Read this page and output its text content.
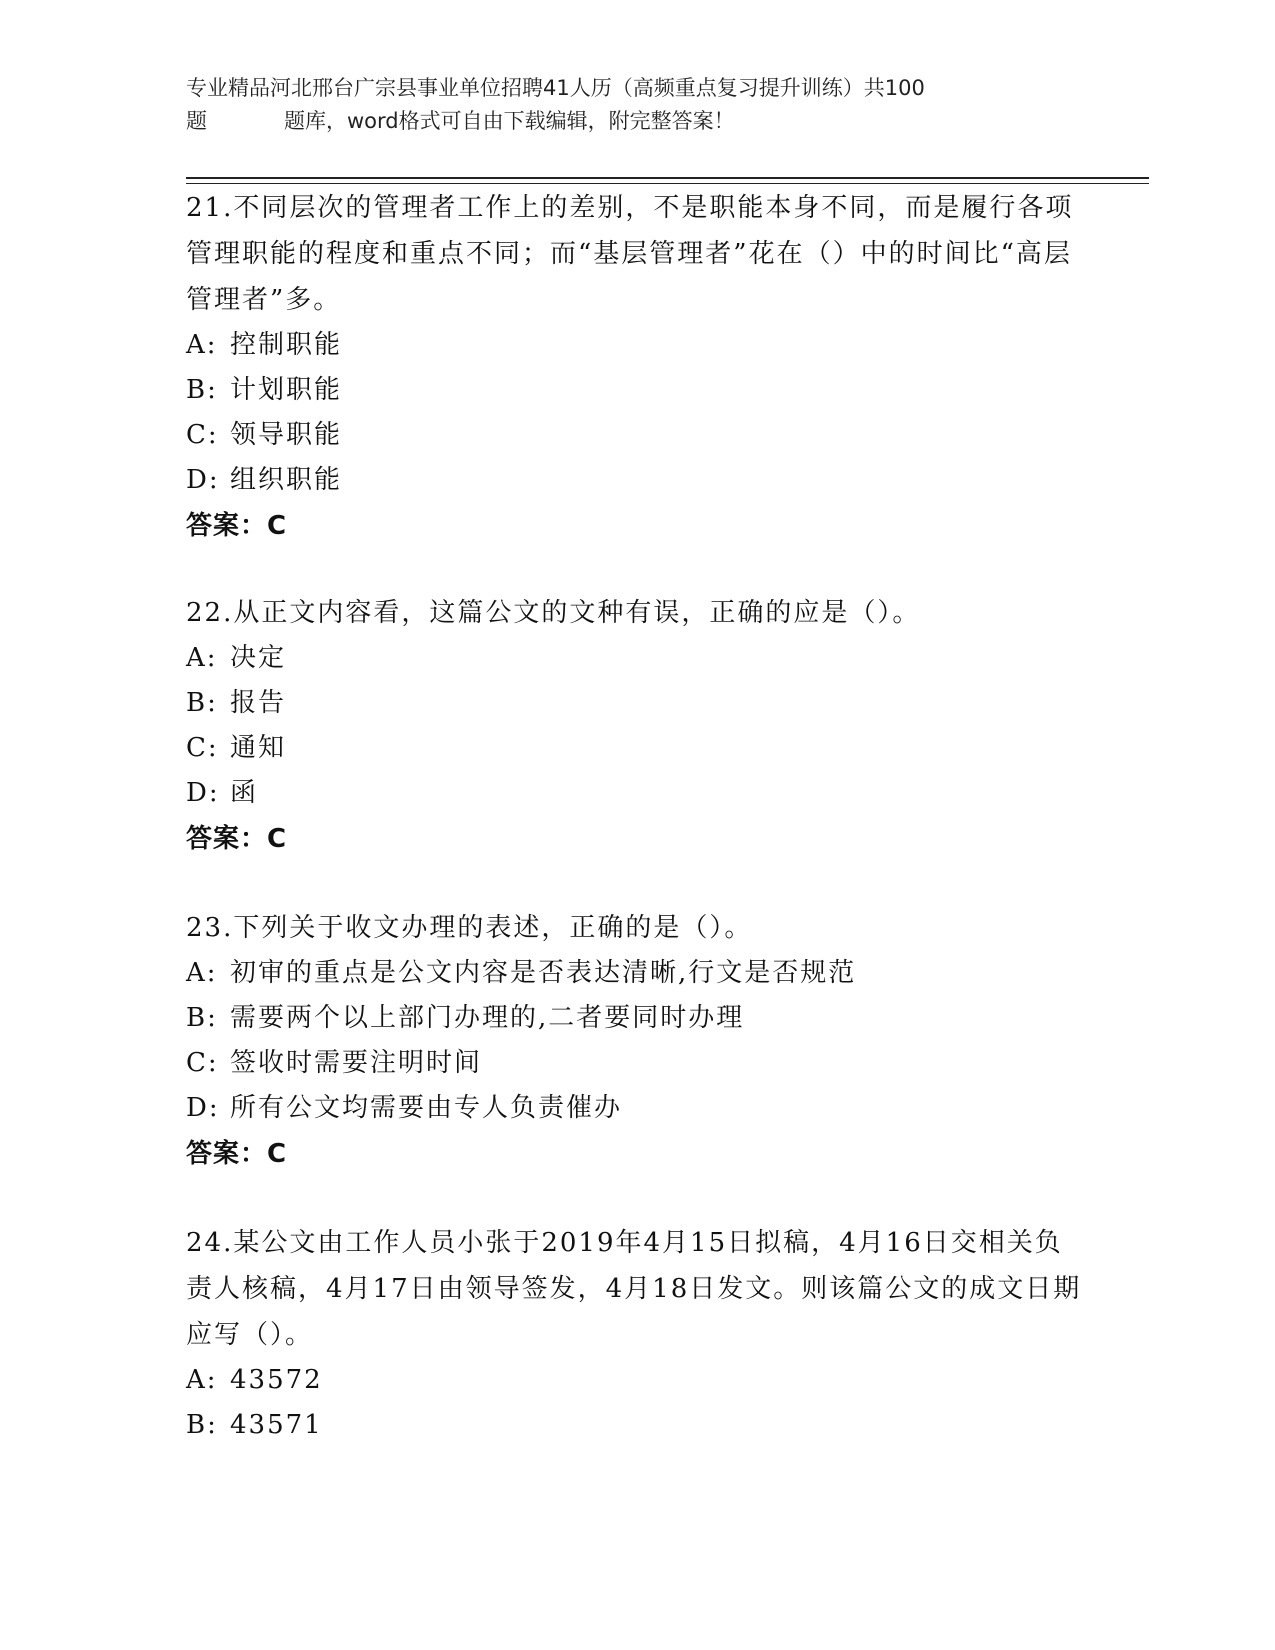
专业精品河北邢台广宗县事业单位招聘41人历（高频重点复习提升训练）共100
题	题库，word格式可自由下载编辑，附完整答案！

21.不同层次的管理者工作上的差别，不是职能本身不同，而是履行各项管理职能的程度和重点不同；而“基层管理者”花在（）中的时间比“高层管理者”多。

A: 控制职能
B: 计划职能
C: 领导职能
D: 组织职能
答案：C

22.从正文内容看，这篇公文的文种有误，正确的应是（）。

A: 决定
B: 报告
C: 通知
D: 函
答案：C

23.下列关于收文办理的表述，正确的是（）。

A: 初审的重点是公文内容是否表达清晰,行文是否规范
B: 需要两个以上部门办理的,二者要同时办理
C: 签收时需要注明时间
D: 所有公文均需要由专人负责催办
答案：C

24.某公文由工作人员小张于2019年4月15日拟稿，4月16日交相关负责人核稿，4月17日由领导签发，4月18日发文。则该篇公文的成文日期应写（）。

A: 43572
B: 43571
